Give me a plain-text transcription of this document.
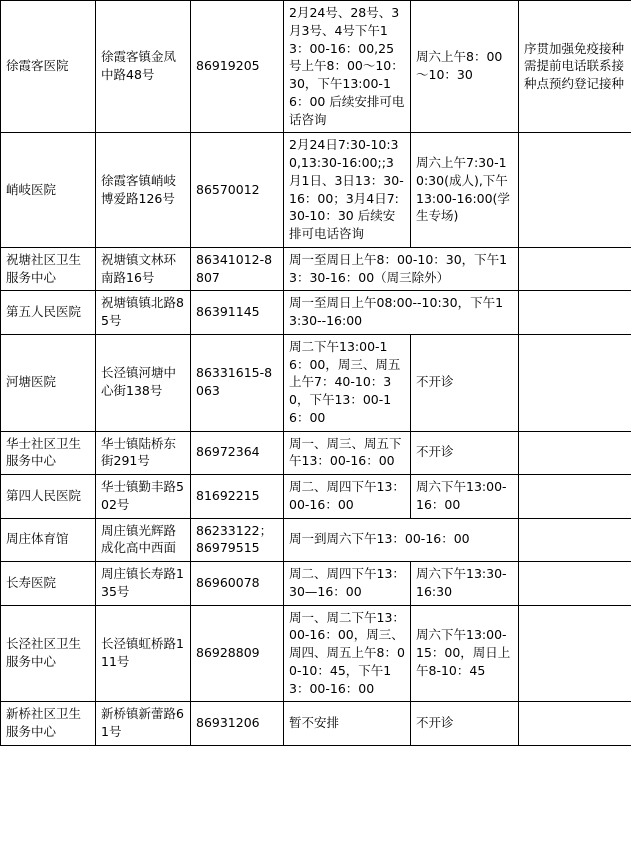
徐霞客医院	徐霞客镇金凤中路48号	86919205	2月24号、28号、3月3号、4号下午13：00-16：00,25号上午8：00～10：30，下午13:00-16：00 后续安排可电话咨询	周六上午8：00～10：30	序贯加强免疫接种需提前电话联系接种点预约登记接种

峭岐医院	徐霞客镇峭岐博爱路126号	86570012	2月24日7:30-10:30,13:30-16:00;;3月1日、3日13：30-16：00；3月4日7:30-10：30 后续安排可电话咨询	周六上午7:30-10:30(成人),下午13:00-16:00(学生专场)	

祝塘社区卫生服务中心	祝塘镇文林环南路16号	86341012-8807	周一至周日上午8：00-10：30，下午13：30-16：00（周三除外）		

第五人民医院	祝塘镇镇北路85号	86391145	周一至周日上午08:00--10:30，下午13:30--16:00		

河塘医院	长泾镇河塘中心街138号	86331615-8063	周二下午13:00-16：00，周三、周五上午7：40-10：30，下午13：00-16：00	不开诊	

华士社区卫生服务中心	华士镇陆桥东街291号	86972364	周一、周三、周五下午13：00-16：00	不开诊	

第四人民医院	华士镇勤丰路502号	81692215	周二、周四下午13：00-16：00	周六下午13:00-16：00	

周庄体育馆	周庄镇光辉路成化高中西面	86233122；86979515	周一到周六下午13：00-16：00		

长寿医院	周庄镇长寿路135号	86960078	周二、周四下午13：30—16：00	周六下午13:30-16:30	

长泾社区卫生服务中心	长泾镇虹桥路111号	86928809	周一、周二下午13：00-16：00，周三、周四、周五上午8：00-10：45，下午13：00-16：00	周六下午13:00-15：00，周日上午8-10：45	

新桥社区卫生服务中心	新桥镇新蕾路61号	86931206	暂不安排	不开诊	
